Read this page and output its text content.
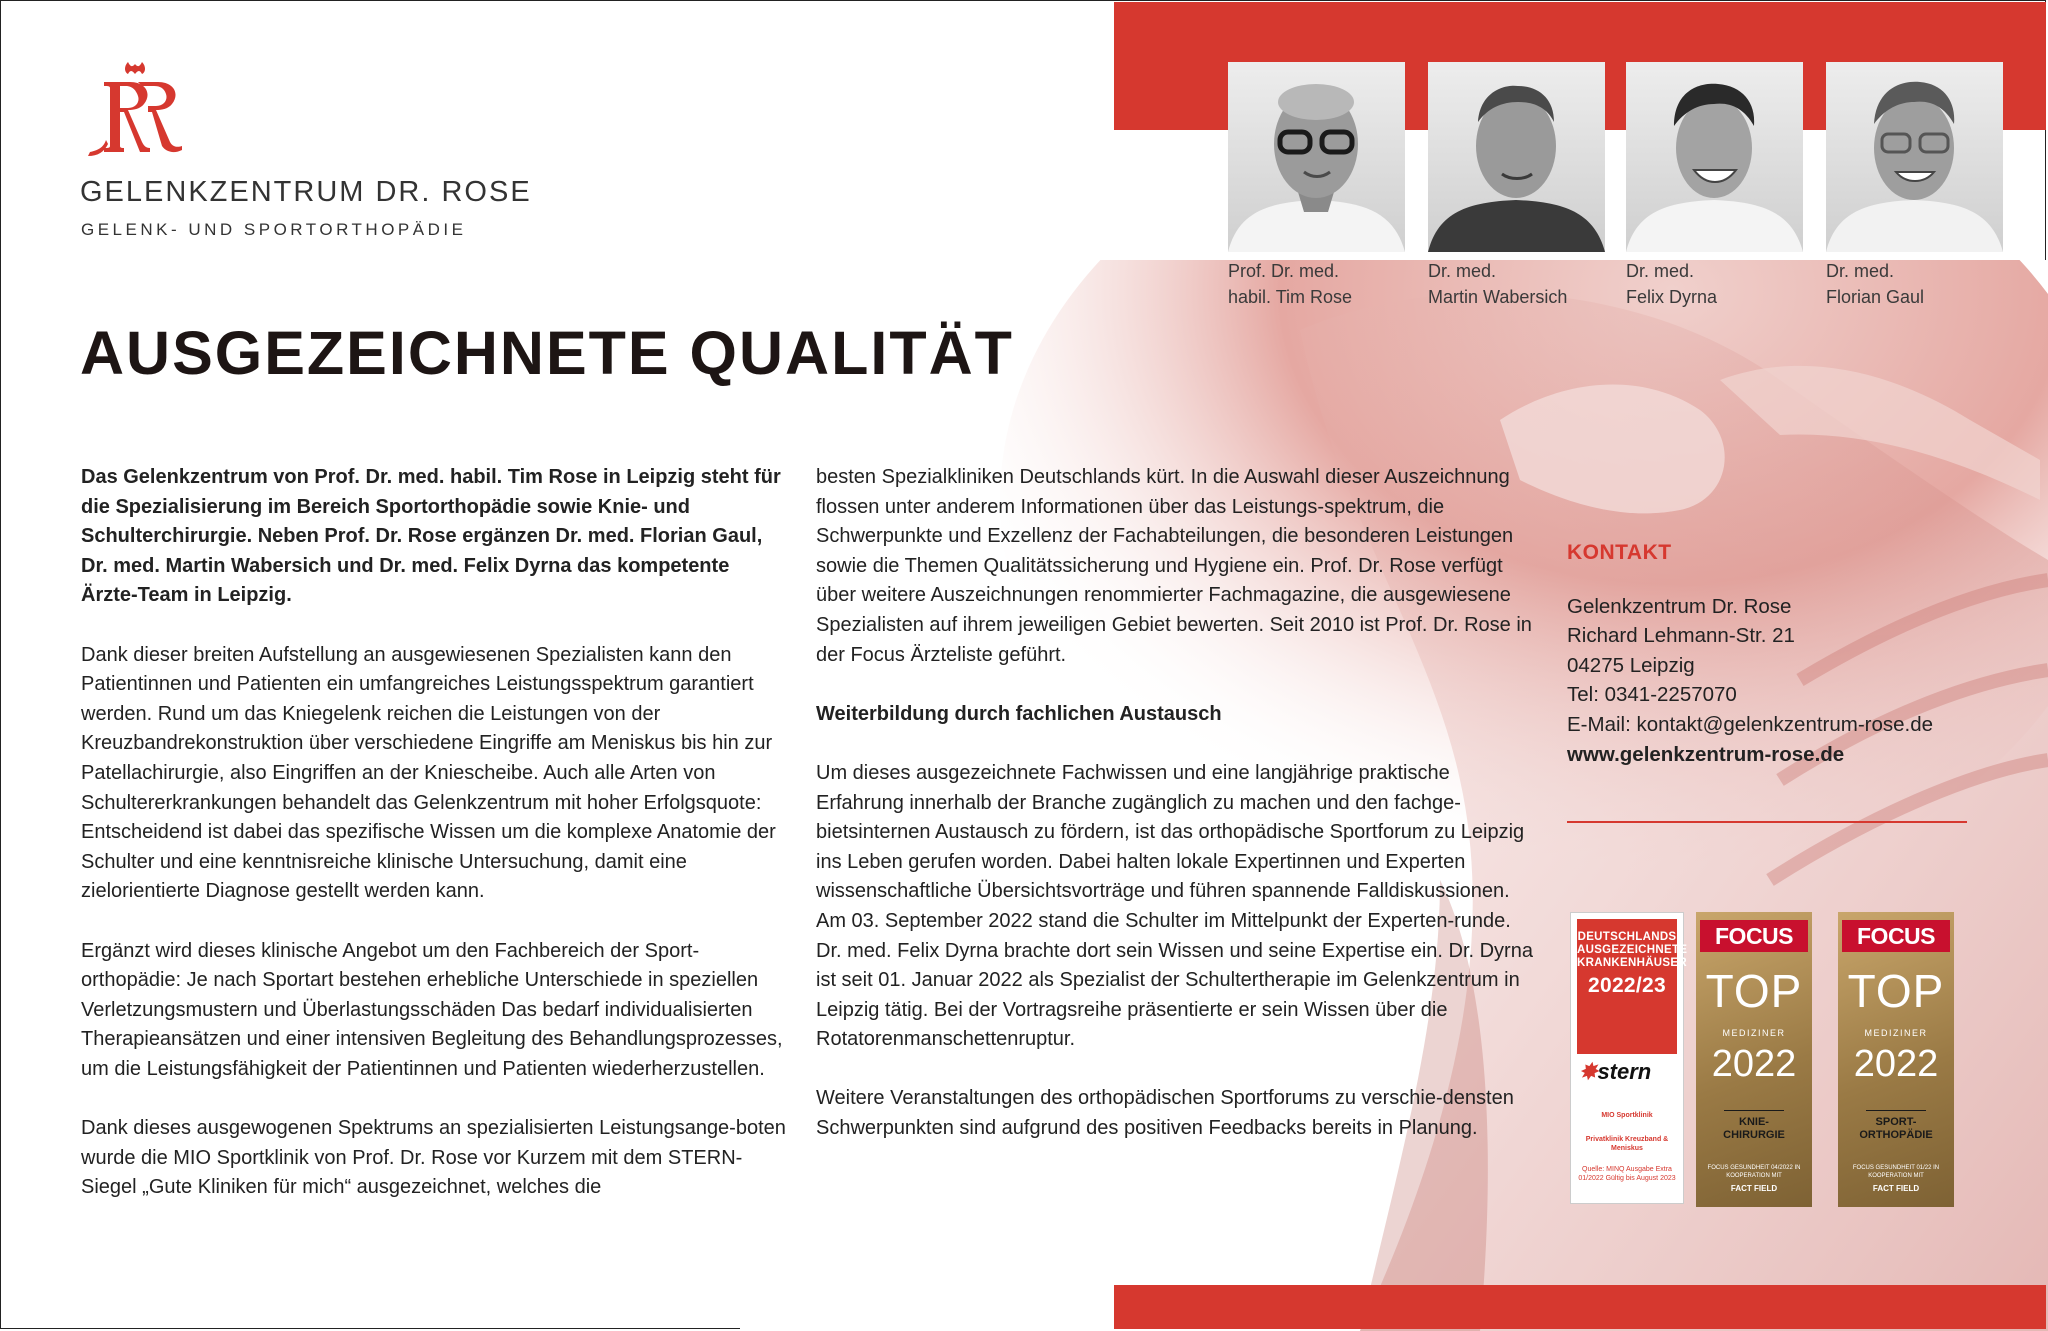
GELENKZENTRUM DR. ROSE
GELENK- UND SPORTORTHOPÄDIE
AUSGEZEICHNETE QUALITÄT
Prof. Dr. med.
habil. Tim Rose
Dr. med.
Martin Wabersich
Dr. med.
Felix Dyrna
Dr. med.
Florian Gaul

Das Gelenkzentrum von Prof. Dr. med. habil. Tim Rose in Leipzig steht für die Spezialisierung im Bereich Sportorthopädie sowie Knie- und Schulterchirurgie. Neben Prof. Dr. Rose ergänzen Dr. med. Florian Gaul, Dr. med. Martin Wabersich und Dr. med. Felix Dyrna das kompetente Ärzte-Team in Leipzig.

Dank dieser breiten Aufstellung an ausgewiesenen Spezialisten kann den Patientinnen und Patienten ein umfangreiches Leistungsspektrum garantiert werden. Rund um das Kniegelenk reichen die Leistungen von der Kreuzbandrekonstruktion über verschiedene Eingriffe am Meniskus bis hin zur Patellachirurgie, also Eingriffen an der Kniescheibe. Auch alle Arten von Schultererkrankungen behandelt das Gelenkzentrum mit hoher Erfolgsquote: Entscheidend ist dabei das spezifische Wissen um die komplexe Anatomie der Schulter und eine kenntnisreiche klinische Untersuchung, damit eine zielorientierte Diagnose gestellt werden kann.

Ergänzt wird dieses klinische Angebot um den Fachbereich der Sport-orthopädie: Je nach Sportart bestehen erhebliche Unterschiede in speziellen Verletzungsmustern und Überlastungsschäden Das bedarf individualisierten Therapieansätzen und einer intensiven Begleitung des Behandlungsprozesses, um die Leistungsfähigkeit der Patientinnen und Patienten wiederherzustellen.

Dank dieses ausgewogenen Spektrums an spezialisierten Leistungsange-boten wurde die MIO Sportklinik von Prof. Dr. Rose vor Kurzem mit dem STERN-Siegel „Gute Kliniken für mich“ ausgezeichnet, welches die

besten Spezialkliniken Deutschlands kürt. In die Auswahl dieser Auszeichnung flossen unter anderem Informationen über das Leistungs-spektrum, die Schwerpunkte und Exzellenz der Fachabteilungen, die besonderen Leistungen sowie die Themen Qualitätssicherung und Hygiene ein. Prof. Dr. Rose verfügt über weitere Auszeichnungen renommierter Fachmagazine, die ausgewiesene Spezialisten auf ihrem jeweiligen Gebiet bewerten. Seit 2010 ist Prof. Dr. Rose in der Focus Ärzteliste geführt.

Weiterbildung durch fachlichen Austausch

Um dieses ausgezeichnete Fachwissen und eine langjährige praktische Erfahrung innerhalb der Branche zugänglich zu machen und den fachge-bietsinternen Austausch zu fördern, ist das orthopädische Sportforum zu Leipzig ins Leben gerufen worden. Dabei halten lokale Expertinnen und Experten wissenschaftliche Übersichtsvorträge und führen spannende Falldiskussionen.

Am 03. September 2022 stand die Schulter im Mittelpunkt der Experten-runde. Dr. med. Felix Dyrna brachte dort sein Wissen und seine Expertise ein. Dr. Dyrna ist seit 01. Januar 2022 als Spezialist der Schultertherapie im Gelenkzentrum in Leipzig tätig. Bei der Vortragsreihe präsentierte er sein Wissen über die Rotatorenmanschettenruptur.

Weitere Veranstaltungen des orthopädischen Sportforums zu verschie-densten Schwerpunkten sind aufgrund des positiven Feedbacks bereits in Planung.

KONTAKT
Gelenkzentrum Dr. Rose
Richard Lehmann-Str. 21
04275 Leipzig
Tel: 0341-2257070
E-Mail: kontakt@gelenkzentrum-rose.de
www.gelenkzentrum-rose.de
DEUTSCHLANDS
AUSGEZEICHNETE
KRANKENHÄUSER
2022/23
✸stern
MIO Sportklinik
Privatklinik Kreuzband & Meniskus
Quelle: MINQ Ausgabe Extra 01/2022 Gültig bis August 2023
FOCUS
TOP
MEDIZINER
2022
KNIE-
CHIRURGIE
FOCUS GESUNDHEIT 04/2022 IN KOOPERATION MIT
FACT FIELD
FOCUS
TOP
MEDIZINER
2022
SPORT-
ORTHOPÄDIE
FOCUS GESUNDHEIT 01/22 IN KOOPERATION MIT
FACT FIELD
